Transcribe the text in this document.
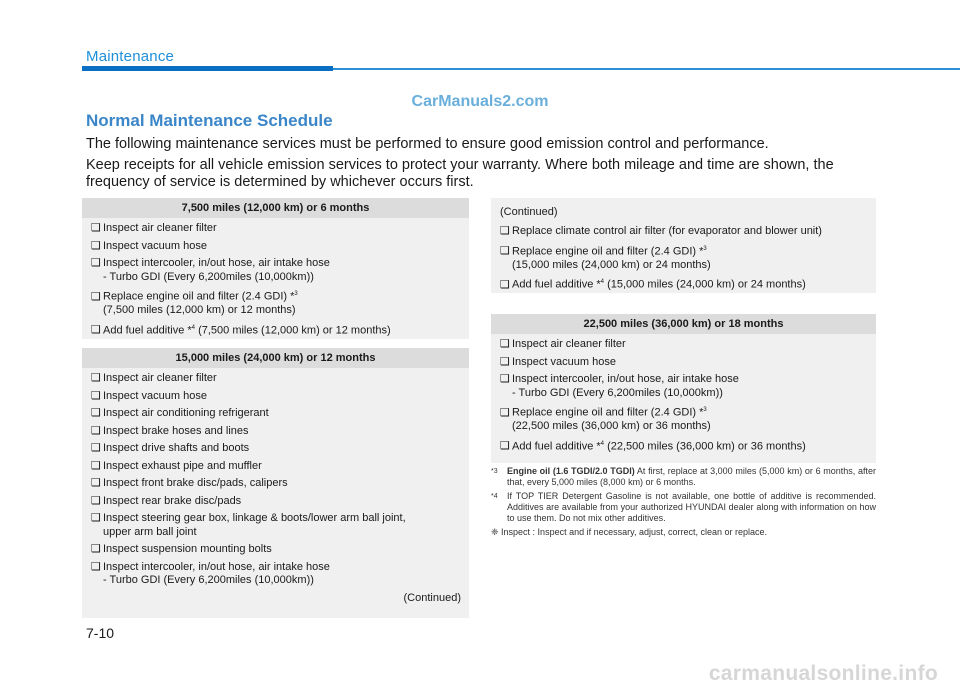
Maintenance
CarManuals2.com
Normal Maintenance Schedule
The following maintenance services must be performed to ensure good emission control and performance.
Keep receipts for all vehicle emission services to protect your warranty. Where both mileage and time are shown, the frequency of service is determined by whichever occurs first.
7,500 miles (12,000 km) or 6 months
❑ Inspect air cleaner filter
❑ Inspect vacuum hose
❑ Inspect intercooler, in/out hose, air intake hose
- Turbo GDI (Every 6,200miles (10,000km))
❑ Replace engine oil and filter (2.4 GDI) *$^3$
(7,500 miles (12,000 km) or 12 months)
❑ Add fuel additive *$^4$ (7,500 miles (12,000 km) or 12 months)
15,000 miles (24,000 km) or 12 months
❑ Inspect air cleaner filter
❑ Inspect vacuum hose
❑ Inspect air conditioning refrigerant
❑ Inspect brake hoses and lines
❑ Inspect drive shafts and boots
❑ Inspect exhaust pipe and muffler
❑ Inspect front brake disc/pads, calipers
❑ Inspect rear brake disc/pads
❑ Inspect steering gear box, linkage & boots/lower arm ball joint,
upper arm ball joint
❑ Inspect suspension mounting bolts
❑ Inspect intercooler, in/out hose, air intake hose
- Turbo GDI (Every 6,200miles (10,000km))
(Continued)
(Continued)
❑ Replace climate control air filter (for evaporator and blower unit)
❑ Replace engine oil and filter (2.4 GDI) *$^3$
(15,000 miles (24,000 km) or 24 months)
❑ Add fuel additive *$^4$ (15,000 miles (24,000 km) or 24 months)
22,500 miles (36,000 km) or 18 months
❑ Inspect air cleaner filter
❑ Inspect vacuum hose
❑ Inspect intercooler, in/out hose, air intake hose
- Turbo GDI (Every 6,200miles (10,000km))
❑ Replace engine oil and filter (2.4 GDI) *$^3$
(22,500 miles (36,000 km) or 36 months)
❑ Add fuel additive *$^4$ (22,500 miles (36,000 km) or 36 months)
*3 Engine oil (1.6 TGDI/2.0 TGDI) At first, replace at 3,000 miles (5,000 km) or 6 months, after that, every 5,000 miles (8,000 km) or 6 months.
*4 If TOP TIER Detergent Gasoline is not available, one bottle of additive is recommended. Additives are available from your authorized HYUNDAI dealer along with information on how to use them. Do not mix other additives.
❈ Inspect : Inspect and if necessary, adjust, correct, clean or replace.
7-10
carmanualsonline.info
